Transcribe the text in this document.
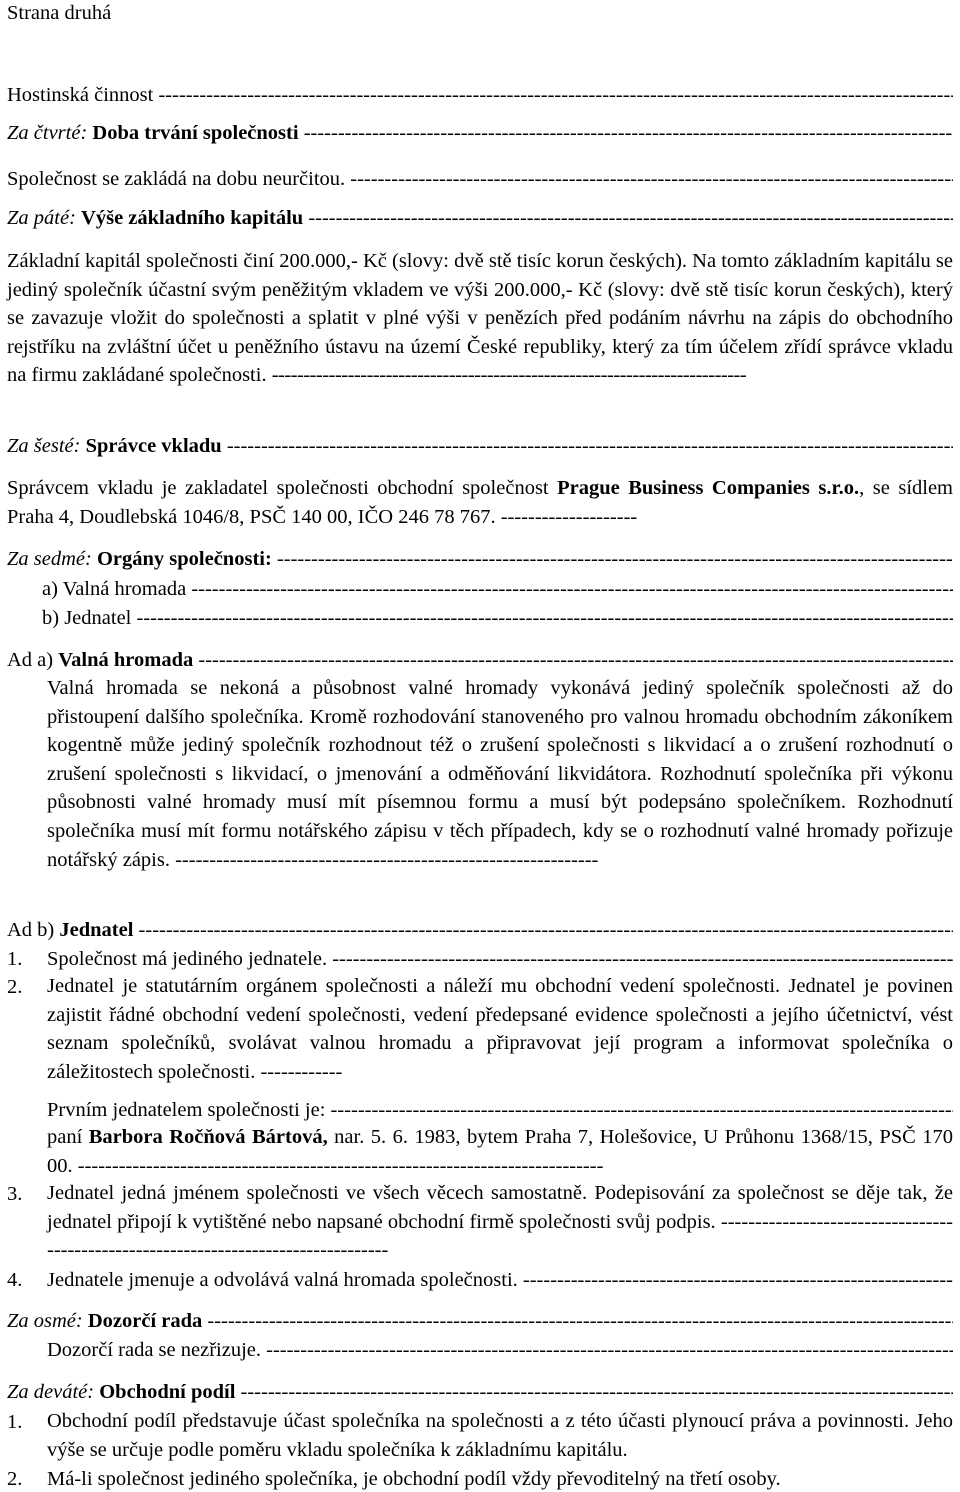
Strana druhá
Hostinská činnost -----
Za čtvrté: Doba trvání společnosti -----
Společnost se zakládá na dobu neurčitou. -----
Za páté: Výše základního kapitálu -----
Základní kapitál společnosti činí 200.000,- Kč (slovy: dvě stě tisíc korun českých). Na tomto základním kapitálu se jediný společník účastní svým peněžitým vkladem ve výši 200.000,- Kč (slovy: dvě stě tisíc korun českých), který se zavazuje vložit do společnosti a splatit v plné výši v penězích před podáním návrhu na zápis do obchodního rejstříku na zvláštní účet u peněžního ústavu na území České republiky, který za tím účelem zřídí správce vkladu na firmu zakládané společnosti. ---------------------------------------------------------------------------
Za šesté: Správce vkladu -----
Správcem vkladu je zakladatel společnosti obchodní společnost Prague Business Companies s.r.o., se sídlem Praha 4, Doudlebská 1046/8, PSČ 140 00, IČO 246 78 767. --------------------
Za sedmé: Orgány společnosti: -----
a) Valná hromada -----
b) Jednatel -----
Ad a) Valná hromada -----
Valná hromada se nekoná a působnost valné hromady vykonává jediný společník společnosti až do přistoupení dalšího společníka. Kromě rozhodování stanoveného pro valnou hromadu obchodním zákoníkem kogentně může jediný společník rozhodnout též o zrušení společnosti s likvidací a o zrušení rozhodnutí o zrušení společnosti s likvidací, o jmenování a odměňování likvidátora. Rozhodnutí společníka při výkonu působnosti valné hromady musí mít písemnou formu a musí být podepsáno společníkem. Rozhodnutí společníka musí mít formu notářského zápisu v těch případech, kdy se o rozhodnutí valné hromady pořizuje notářský zápis. --------------------------------------------------------------
Ad b) Jednatel -----
1.	Společnost má jediného jednatele. -----
2.	Jednatel je statutárním orgánem společnosti a náleží mu obchodní vedení společnosti. Jednatel je povinen zajistit řádné obchodní vedení společnosti, vedení předepsané evidence společnosti a jejího účetnictví, vést seznam společníků, svolávat valnou hromadu a připravovat její program a informovat společníka o záležitostech společnosti. ------------
Prvním jednatelem společnosti je: -----
paní Barbora Ročňová Bártová, nar. 5. 6. 1983, bytem Praha 7, Holešovice, U Průhonu 1368/15, PSČ 170 00. -----------------------------------------------------------------------------
3.	Jednatel jedná jménem společnosti ve všech věcech samostatně. Podepisování za společnost se děje tak, že jednatel připojí k vytištěné nebo napsané obchodní firmě společnosti svůj podpis. ------------------------------------------------------------------------------------
4.	Jednatele jmenuje a odvolává valná hromada společnosti. -----
Za osmé: Dozorčí rada -----
Dozorčí rada se nezřizuje. -----
Za deváté: Obchodní podíl -----
1.	Obchodní podíl představuje účast společníka na společnosti a z této účasti plynoucí práva a povinnosti. Jeho výše se určuje podle poměru vkladu společníka k základnímu kapitálu.
2.	Má-li společnost jediného společníka, je obchodní podíl vždy převoditelný na třetí osoby.
